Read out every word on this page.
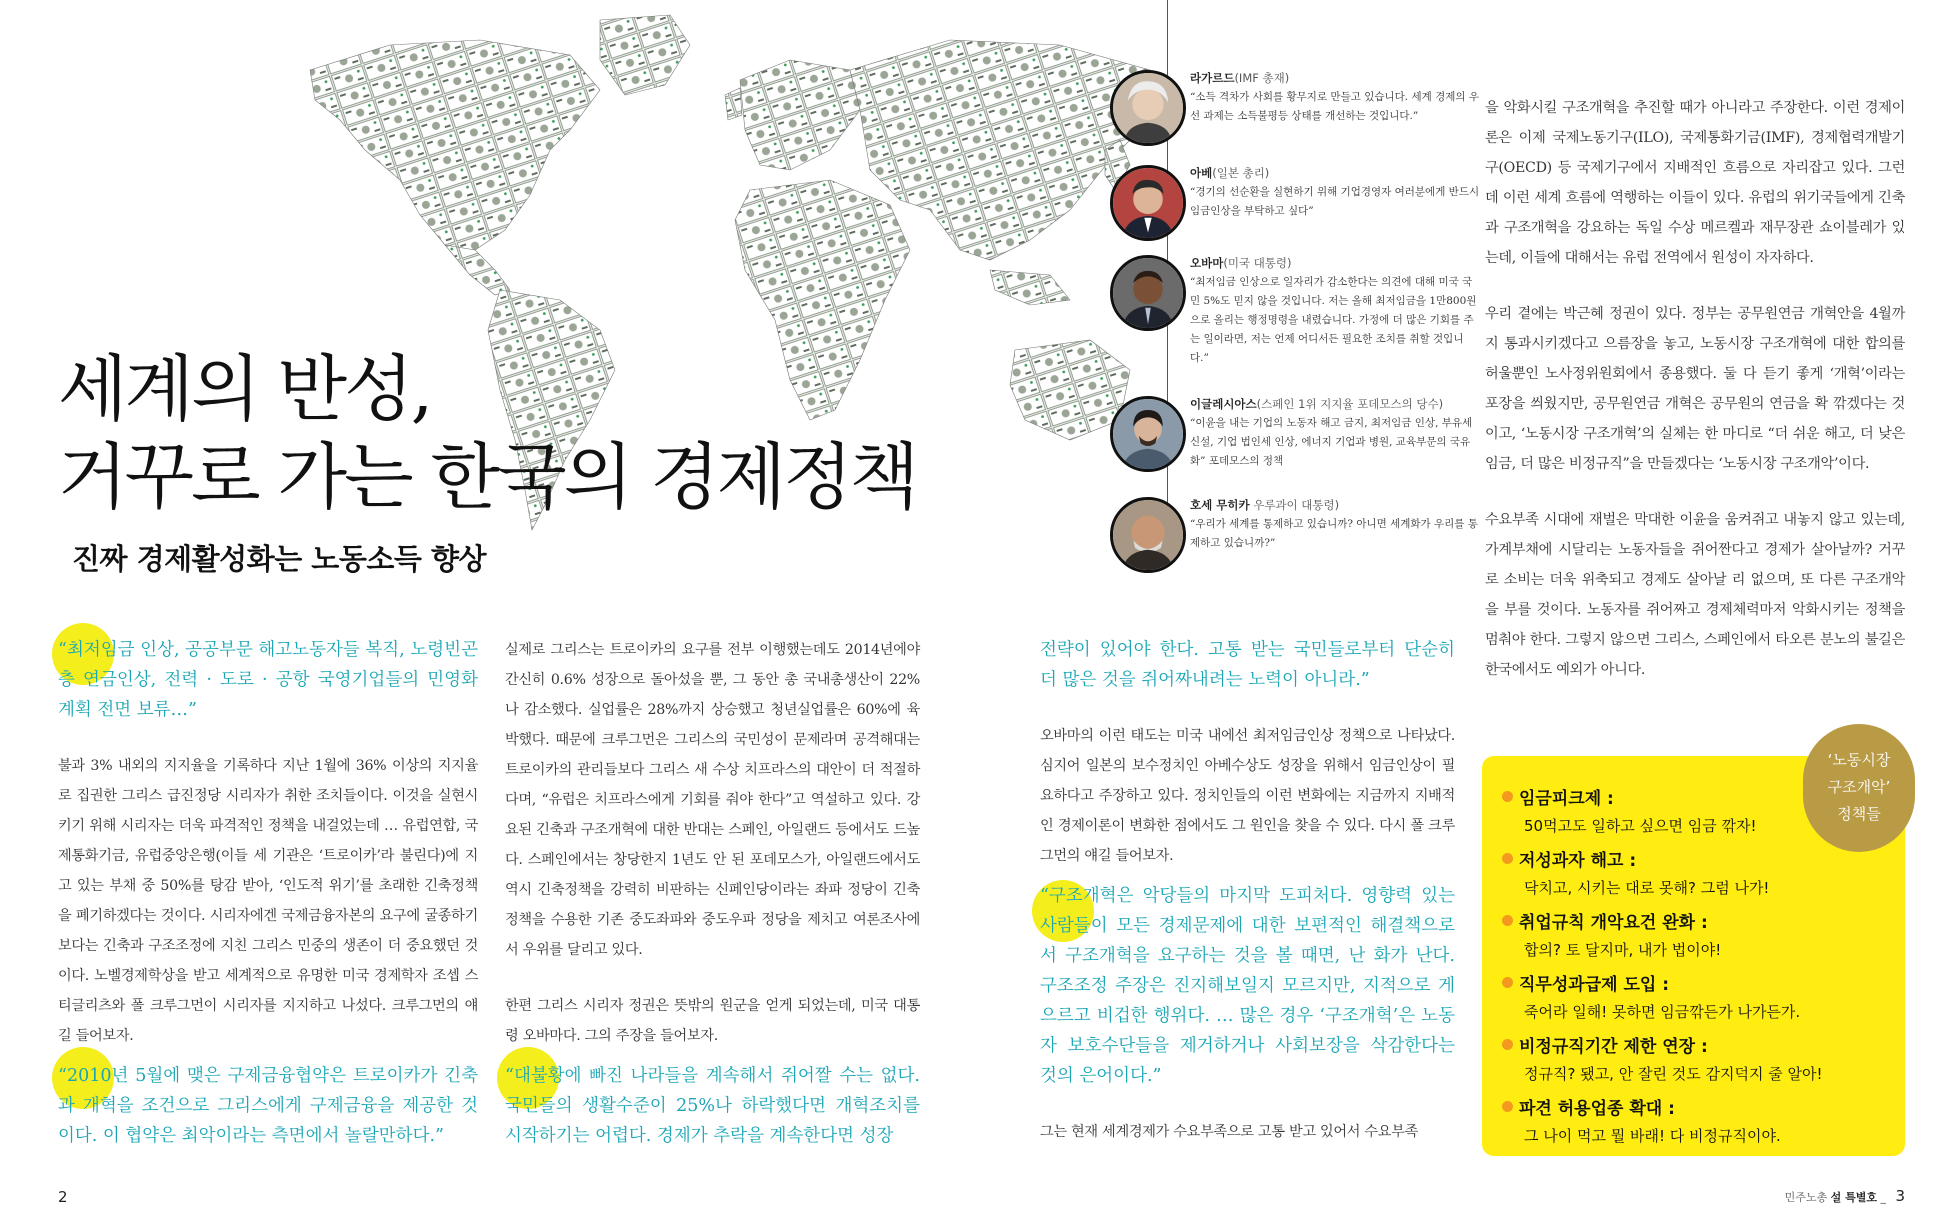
세계의 반성,
거꾸로 가는 한국의 경제정책
진짜 경제활성화는 노동소득 향상
라가르드(IMF 총재)
“소득 격차가 사회를 황무지로 만들고 있습니다. 세계 경제의 우선 과제는 소득불평등 상태를 개선하는 것입니다.”
아베(일본 총리)
“경기의 선순환을 실현하기 위해 기업경영자 여러분에게 반드시 임금인상을 부탁하고 싶다”
오바마(미국 대통령)
“최저임금 인상으로 일자리가 감소한다는 의견에 대해 미국 국민 5%도 믿지 않을 것입니다. 저는 올해 최저임금을 1만800원으로 올리는 행정명령을 내렸습니다. 가정에 더 많은 기회를 주는 일이라면, 저는 언제 어디서든 필요한 조치를 취할 것입니다.”
이글레시아스(스페인 1위 지지율 포데모스의 당수)
“이윤을 내는 기업의 노동자 해고 금지, 최저임금 인상, 부유세 신설, 기업 법인세 인상, 에너지 기업과 병원, 교육부문의 국유화” 포데모스의 정책
호세 무히카 우루과이 대통령)
“우리가 세계를 통제하고 있습니까? 아니면 세계화가 우리를 통제하고 있습니까?”

“최저임금 인상, 공공부문 해고노동자들 복직, 노령빈곤층 연금인상, 전력 · 도로 · 공항 국영기업들의 민영화 계획 전면 보류…”

불과 3% 내외의 지지율을 기록하다 지난 1월에 36% 이상의 지지율로 집권한 그리스 급진정당 시리자가 취한 조치들이다. 이것을 실현시키기 위해 시리자는 더욱 파격적인 정책을 내걸었는데 … 유럽연합, 국제통화기금, 유럽중앙은행(이들 세 기관은 ‘트로이카’라 불린다)에 지고 있는 부채 중 50%를 탕감 받아, ‘인도적 위기’를 초래한 긴축정책을 폐기하겠다는 것이다. 시리자에겐 국제금융자본의 요구에 굴종하기 보다는 긴축과 구조조정에 지친 그리스 민중의 생존이 더 중요했던 것이다. 노벨경제학상을 받고 세계적으로 유명한 미국 경제학자 조셉 스티글리츠와 폴 크루그먼이 시리자를 지지하고 나섰다. 크루그먼의 얘길 들어보자.

“2010년 5월에 맺은 구제금융협약은 트로이카가 긴축과 개혁을 조건으로 그리스에게 구제금융을 제공한 것이다. 이 협약은 최악이라는 측면에서 놀랄만하다.”

실제로 그리스는 트로이카의 요구를 전부 이행했는데도 2014년에야 간신히 0.6% 성장으로 돌아섰을 뿐, 그 동안 총 국내총생산이 22%나 감소했다. 실업률은 28%까지 상승했고 청년실업률은 60%에 육박했다. 때문에 크루그먼은 그리스의 국민성이 문제라며 공격해대는 트로이카의 관리들보다 그리스 새 수상 치프라스의 대안이 더 적절하다며, “유럽은 치프라스에게 기회를 줘야 한다”고 역설하고 있다. 강요된 긴축과 구조개혁에 대한 반대는 스페인, 아일랜드 등에서도 드높다. 스페인에서는 창당한지 1년도 안 된 포데모스가, 아일랜드에서도 역시 긴축정책을 강력히 비판하는 신페인당이라는 좌파 정당이 긴축정책을 수용한 기존 중도좌파와 중도우파 정당을 제치고 여론조사에서 우위를 달리고 있다.

한편 그리스 시리자 정권은 뜻밖의 원군을 얻게 되었는데, 미국 대통령 오바마다. 그의 주장을 들어보자.

“대불황에 빠진 나라들을 계속해서 쥐어짤 수는 없다. 국민들의 생활수준이 25%나 하락했다면 개혁조치를 시작하기는 어렵다. 경제가 추락을 계속한다면 성장

전략이 있어야 한다. 고통 받는 국민들로부터 단순히 더 많은 것을 쥐어짜내려는 노력이 아니라.”

오바마의 이런 태도는 미국 내에선 최저임금인상 정책으로 나타났다. 심지어 일본의 보수정치인 아베수상도 성장을 위해서 임금인상이 필요하다고 주장하고 있다. 정치인들의 이런 변화에는 지금까지 지배적인 경제이론이 변화한 점에서도 그 원인을 찾을 수 있다. 다시 폴 크루그먼의 얘길 들어보자.

“구조개혁은 악당들의 마지막 도피처다. 영향력 있는 사람들이 모든 경제문제에 대한 보편적인 해결책으로서 구조개혁을 요구하는 것을 볼 때면, 난 화가 난다. 구조조정 주장은 진지해보일지 모르지만, 지적으로 게으르고 비겁한 행위다. … 많은 경우 ‘구조개혁’은 노동자 보호수단들을 제거하거나 사회보장을 삭감한다는 것의 은어이다.”

그는 현재 세계경제가 수요부족으로 고통 받고 있어서 수요부족

을 악화시킬 구조개혁을 추진할 때가 아니라고 주장한다. 이런 경제이론은 이제 국제노동기구(ILO), 국제통화기금(IMF), 경제협력개발기구(OECD) 등 국제기구에서 지배적인 흐름으로 자리잡고 있다. 그런데 이런 세계 흐름에 역행하는 이들이 있다. 유럽의 위기국들에게 긴축과 구조개혁을 강요하는 독일 수상 메르켈과 재무장관 쇼이블레가 있는데, 이들에 대해서는 유럽 전역에서 원성이 자자하다.

우리 곁에는 박근혜 정권이 있다. 정부는 공무원연금 개혁안을 4월까지 통과시키겠다고 으름장을 놓고, 노동시장 구조개혁에 대한 합의를 허울뿐인 노사정위원회에서 종용했다. 둘 다 듣기 좋게 ‘개혁’이라는 포장을 씌웠지만, 공무원연금 개혁은 공무원의 연금을 확 깎겠다는 것이고, ‘노동시장 구조개혁’의 실체는 한 마디로 “더 쉬운 해고, 더 낮은 임금, 더 많은 비정규직”을 만들겠다는 ‘노동시장 구조개악’이다.

수요부족 시대에 재벌은 막대한 이윤을 움켜쥐고 내놓지 않고 있는데, 가계부채에 시달리는 노동자들을 쥐어짠다고 경제가 살아날까? 거꾸로 소비는 더욱 위축되고 경제도 살아날 리 없으며, 또 다른 구조개악을 부를 것이다. 노동자를 쥐어짜고 경제체력마저 악화시키는 정책을 멈춰야 한다. 그렇지 않으면 그리스, 스페인에서 타오른 분노의 불길은 한국에서도 예외가 아니다.

임금피크제 :
50먹고도 일하고 싶으면 임금 깎자!
저성과자 해고 :
닥치고, 시키는 대로 못해? 그럼 나가!
취업규칙 개악요건 완화 :
합의? 토 달지마, 내가 법이야!
직무성과급제 도입 :
죽어라 일해! 못하면 임금깎든가 나가든가.
비정규직기간 제한 연장 :
정규직? 됐고, 안 잘린 것도 감지덕지 줄 알아!
파견 허용업종 확대 :
그 나이 먹고 뭘 바래! 다 비정규직이야.
‘노동시장
구조개악’
정책들
2	민주노총 설 특별호 _ 3
